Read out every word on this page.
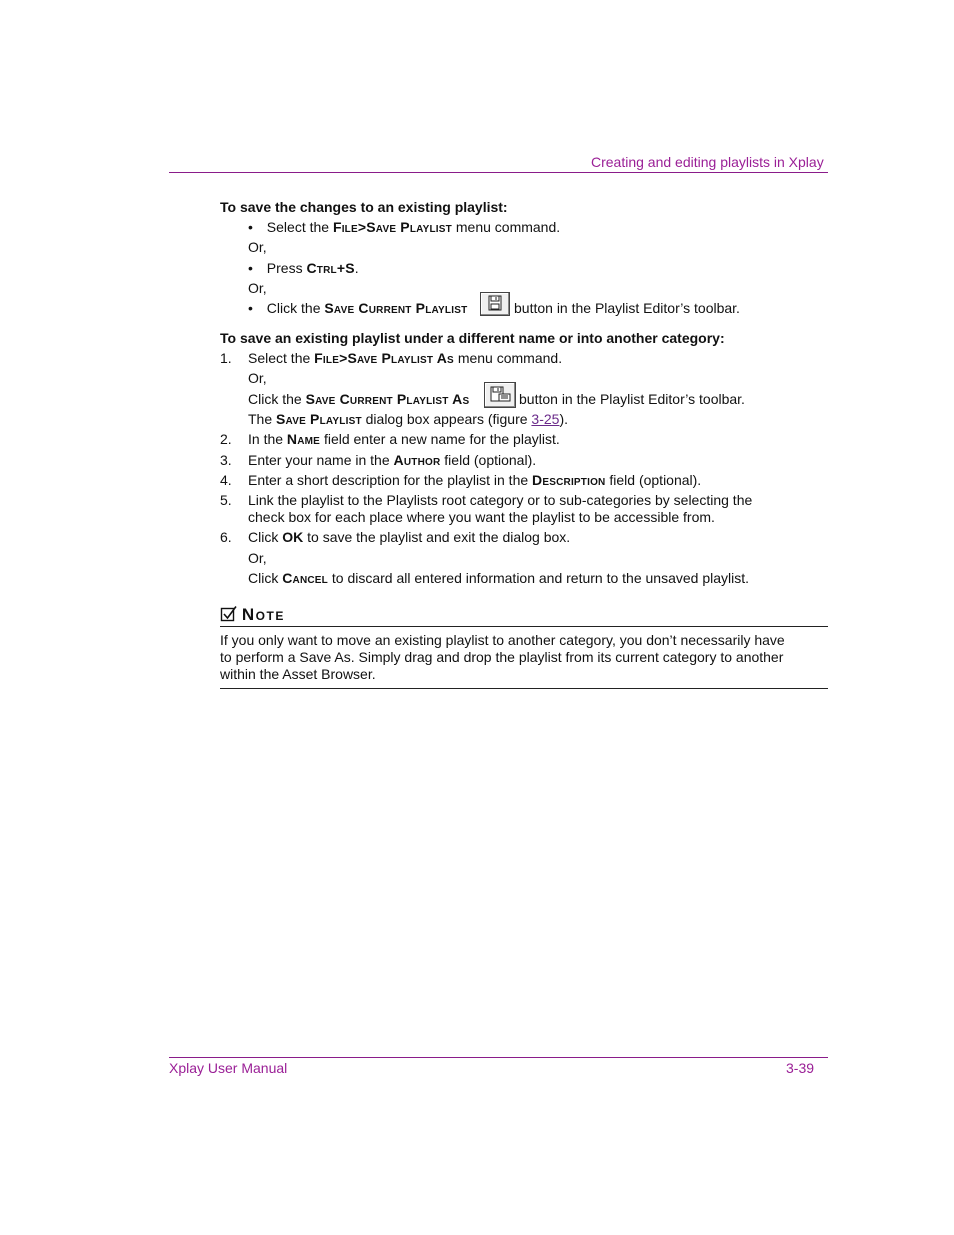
Creating and editing playlists in Xplay
To save the changes to an existing playlist:
• Select the File>Save Playlist menu command.
Or,
• Press Ctrl+S.
Or,
• Click the Save Current Playlist	button in the Playlist Editor’s toolbar.
To save an existing playlist under a different name or into another category:
1. Select the File>Save Playlist As menu command.
Or,
Click the Save Current Playlist As	button in the Playlist Editor’s toolbar.
The Save Playlist dialog box appears (figure 3-25).
2. In the Name field enter a new name for the playlist.
3. Enter your name in the Author field (optional).
4. Enter a short description for the playlist in the Description field (optional).
5. Link the playlist to the Playlists root category or to sub-categories by selecting the
check box for each place where you want the playlist to be accessible from.
6. Click OK to save the playlist and exit the dialog box.
Or,
Click Cancel to discard all entered information and return to the unsaved playlist.
Note
If you only want to move an existing playlist to another category, you don’t necessarily have
to perform a Save As. Simply drag and drop the playlist from its current category to another
within the Asset Browser.
Xplay User Manual	3-39
